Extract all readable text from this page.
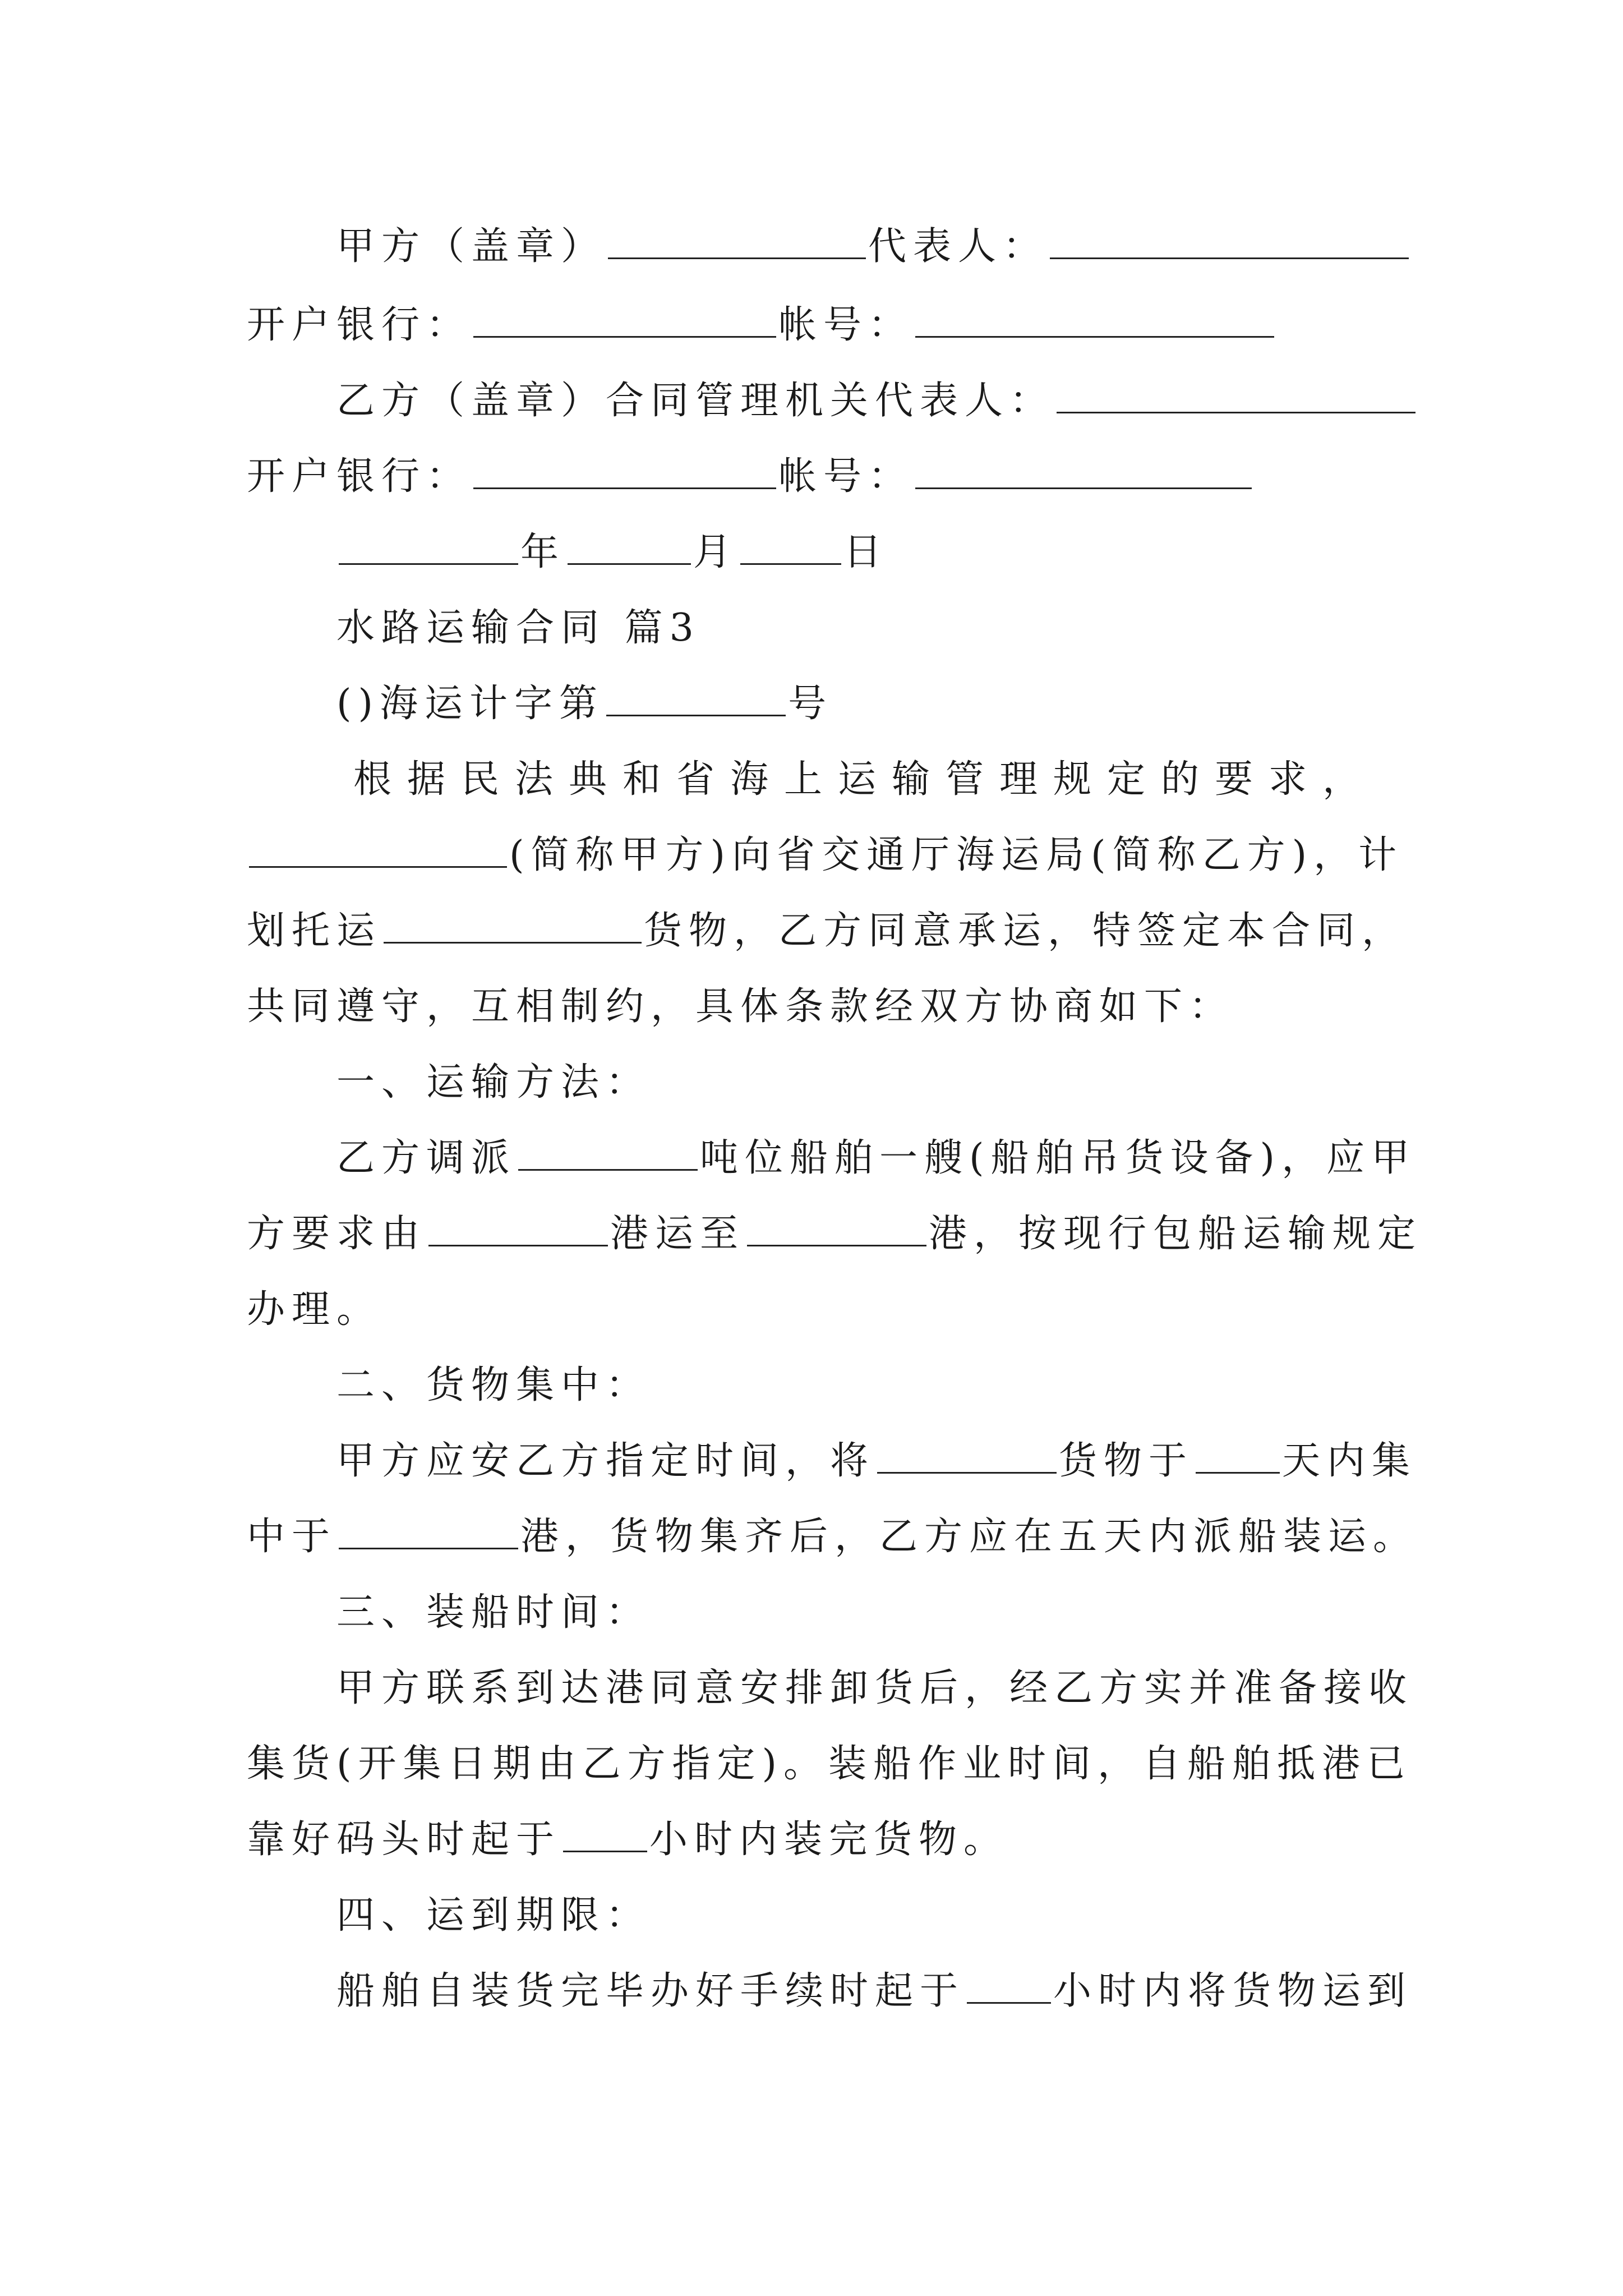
甲方（盖章）	代表人：
开户银行：	帐号：
乙方（盖章）合同管理机关代表人：
开户银行：	帐号：
年	月	日
水路运输合同 篇3
()海运计字第	号
根据民法典和省海上运输管理规定的要求，
(简称甲方)向省交通厅海运局(简称乙方)，计
划托运	货物，乙方同意承运，特签定本合同，
共同遵守，互相制约，具体条款经双方协商如下：
一、运输方法：
乙方调派	吨位船舶一艘(船舶吊货设备)，应甲
方要求由	港运至	港，按现行包船运输规定
办理。
二、货物集中：
甲方应安乙方指定时间，将	货物于 天内集
中于	港，货物集齐后，乙方应在五天内派船装运。
三、装船时间：
甲方联系到达港同意安排卸货后，经乙方实并准备接收
集货(开集日期由乙方指定)。装船作业时间，自船舶抵港已
靠好码头时起于 小时内装完货物。
四、运到期限：
船舶自装货完毕办好手续时起于 小时内将货物运到
